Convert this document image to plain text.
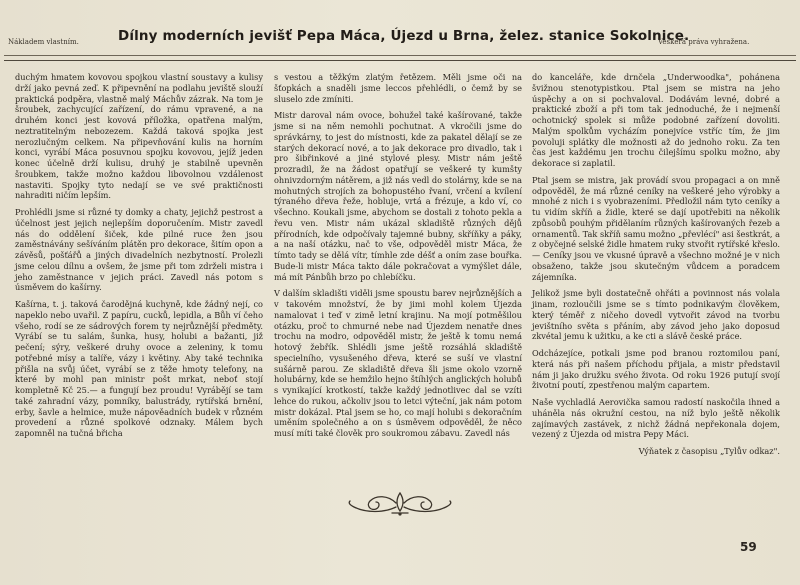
Nákladem vlastním.	Dílny moderních jevišť Pepa Máca, Újezd u Brna, želez. stanice Sokolnice.
Veškerá práva vyhražena.

duchým hmatem kovovou spojkou vlastní soustavy a kulisy drží jako pevná zeď. K připevnění na podlahu jeviště slouží praktická podpěra, vlastně malý Máchův zázrak. Na tom je šroubek, zachycující zařízení, do rámu vpravené, a na druhém konci jest kovová příložka, opatřena malým, neztratitelným nebozezem. Každá taková spojka jest nerozlučným celkem. Na připevňování kulis na horním konci, vyrábí Máca posuvnou spojku kovovou, jejíž jeden konec účelně drží kulisu, druhý je stabilně upevněn šroubkem, takže možno každou libovolnou vzdálenost nastaviti. Spojky tyto nedají se ve své praktičnosti nahraditi ničím lepším.

Prohlédli jsme si různé ty domky a chaty, jejichž pestrost a účelnost jest jejich nejlepším doporučením. Mistr zavedl nás do oddělení šiček, kde pilné ruce žen jsou zaměstnávány sešíváním plátěn pro dekorace, šitím opon a závěsů, pošťářů a jiných divadelních nezbytností. Prolezli jsme celou dílnu a ovšem, že jsme při tom zdrželi mistra i jeho zaměstnance v jejich práci. Zavedl nás potom s úsměvem do kašírny.

Kašírna, t. j. taková čarodějná kuchyně, kde žádný nejí, co napeklo nebo uvařil. Z papíru, cucků, lepidla, a Bůh ví čeho všeho, rodí se ze sádrových forem ty nejrůznější předměty. Vyrábí se tu salám, šunka, husy, holubi a bažanti, již pečení; sýry, veškeré druhy ovoce a zeleniny, k tomu potřebné mísy a talíře, vázy i květiny. Aby také technika přišla na svůj účet, vyrábí se z těže hmoty telefony, na které by mohl pan ministr pošt mrkat, neboť stojí kompletně Kč 25.— a fungují bez proudu! Vyrábějí se tam také zahradní vázy, pomníky, balustrády, rytířská brnění, erby, šavle a helmice, muže nápověadních budek v různém provedení a různé spolkové odznaky. Málem bych zapomněl na tučná břicha

s vestou a těžkým zlatým řetězem. Měli jsme oči na šťopkách a snaděli jsme leccos přehlédli, o čemž by se sluselo zde zmíniti.

Mistr daroval nám ovoce, bohužel také kašírované, takže jsme si na něm nemohli pochutnat. A vkročili jsme do správkárny, to jest do místnosti, kde za pakatel dělají se ze starých dekorací nové, a to jak dekorace pro divadlo, tak i pro šibřinkové a jiné stylové plesy. Mistr nám ještě prozradil, že na žádost opatřují se veškeré ty kumšty ohnivzdorným nátěrem, a již nás vedl do stolárny, kde se na mohutných strojích za bohopustého řvaní, vrčení a kvílení týraného dřeva řeže, hobluje, vrtá a frézuje, a kdo ví, co všechno. Koukali jsme, abychom se dostali z tohoto pekla a řevu ven. Mistr nám ukázal skladiště různých dějů přírodních, kde odpočívaly tajemné bubny, skříňky a páky, a na naší otázku, nač to vše, odpověděl mistr Máca, že tímto tady se dělá vítr, tímhle zde déšť a oním zase bouřka. Bude-li mistr Máca takto dále pokračovat a vymýšlet dále, má mít Pánbůh brzo po chlebíčku.

V dalším skladišti viděli jsme spoustu barev nejrůznějších a v takovém množství, že by jimi mohl kolem Újezda namalovat i teď v zimě letní krajinu. Na mojí potměšilou otázku, proč to chmurné nebe nad Újezdem nenatře dnes trochu na modro, odpověděl mistr, že ještě k tomu nemá hotový žebřík. Shlédli jsme ještě rozsáhlá skladiště specielního, vysušeného dřeva, které se suší ve vlastní sušárně parou. Ze skladiště dřeva šli jsme okolo vzorně holubárny, kde se hemžilo hejno štíhlých anglických holubů s vynikající krotkostí, takže každý jednotlivec dal se vzíti lehce do rukou, ačkoliv jsou to letci výteční, jak nám potom mistr dokázal. Ptal jsem se ho, co mají holubi s dekoračním uměním společného a on s úsměvem odpověděl, že něco musí míti také člověk pro soukromou zábavu. Zavedl nás

do kanceláře, kde drnčela „Underwoodka", pohánena švižnou stenotypistkou. Ptal jsem se mistra na jeho úspěchy a on si pochvaloval. Dodávám levné, dobré a praktické zboží a při tom tak jednoduché, že i nejmenší ochotnický spolek si může podobné zařízení dovoliti. Malým spolkům vycházím ponejvíce vstříc tím, že jim povoluji splátky dle možnosti až do jednoho roku. Za ten čas jest každému jen trochu čilejšímu spolku možno, aby dekorace si zaplatil.

Ptal jsem se mistra, jak provádí svou propagaci a on mně odpověděl, že má různé ceníky na veškeré jeho výrobky a mnohé z nich i s vyobrazeními. Předložil nám tyto ceníky a tu vidím skříň a židle, které se dají upotřebiti na několik způsobů pouhým přidělaním různých kašírovaných řezeb a ornamentů. Tak skříň samu možno „převlécí" asi šestkrát, a z obyčejné selské židle hmatem ruky stvořit rytířské křeslo. — Ceníky jsou ve vkusné úpravě a všechno možné je v nich obsaženo, takže jsou skutečným vůdcem a poradcem zájemníka.

Jelikož jsme byli dostatečně ohřáti a povinnost nás volala jinam, rozloučili jsme se s tímto podnikavým člověkem, který téměř z ničeho dovedl vytvořit závod na tvorbu jevištního světa s přáním, aby závod jeho jako doposud zkvétal jemu k užitku, a ke cti a slávě české práce.

Odcházejíce, potkali jsme pod branou roztomilou paní, která nás při našem příchodu přijala, a mistr představil nám ji jako družku svého života. Od roku 1926 putují svojí životní poutí, zpestřenou malým capartem.

Naše vychladlá Aerovička samou radostí naskočila ihned a uháněla nás okružní cestou, na níž bylo ještě několik zajímavých zastávek, z nichž žádná nepřekonala dojem, vezený z Újezda od mistra Pepy Máci.

Výňatek z časopisu „Tylův odkaz".

59
